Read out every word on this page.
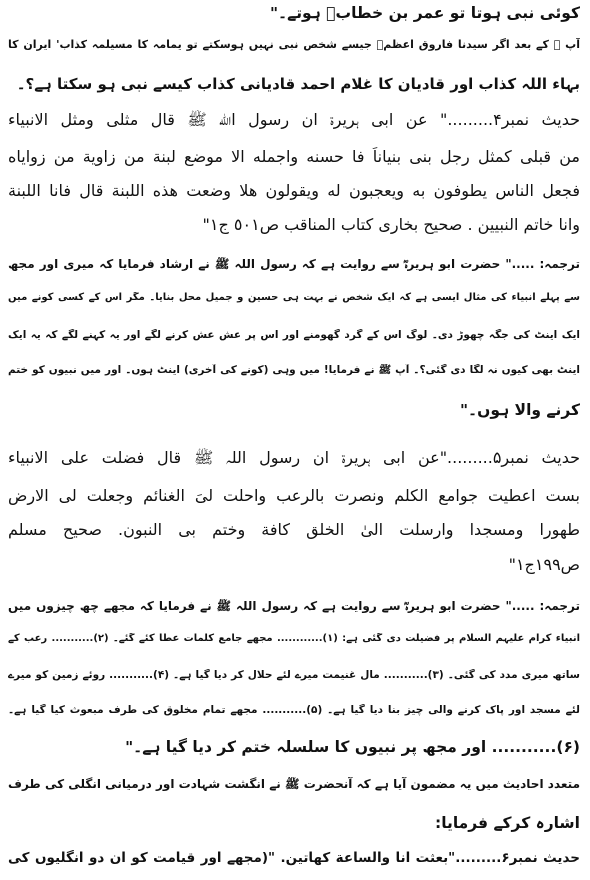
کوئی نبی ہوتا تو عمر بن خطابؓ ہوتے۔"
آپ ﷺ کے بعد اگر سیدنا فاروق اعظمؓ جیسے شخص نبی نہیں ہوسکتے تو یمامہ کا مسیلمہ کذاب' ایران کا
بہاء اللہ کذاب اور قادیان کا غلام احمد قادیانی کذاب کیسے نبی ہو سکتا ہے؟۔
حدیث نمبر۴........." عن ابی ہریرۃ ان رسول اﷲ ﷺ قال مثلی ومثل الانبیاء
من قبلی کمثل رجل بنی بنیاناً فا حسنه واجمله الا موضع لبنة من زاوية من زواياه
فجعل الناس يطوفون به ويعجبون له ويقولون هلا وضعت هذه اللبنة قال فانا اللبنة
وانا خاتم النبيين . صحيح بخاری کتاب المناقب ص٥٠١ ج١"
ترجمہ: ....." حضرت ابو ہریرہؓ سے روایت ہے کہ رسول اللہ ﷺ نے ارشاد فرمایا کہ میری اور مجھ
سے پہلے انبیاء کی مثال ایسی ہے کہ ایک شخص نے بہت ہی حسین و جمیل محل بنایا۔ مگر اس کے کسی کونے میں
ایک اینٹ کی جگہ چھوڑ دی۔ لوگ اس کے گرد گھومنے اور اس پر عش عش کرنے لگے اور یہ کہنے لگے کہ یہ ایک
اینٹ بھی کیوں نہ لگا دی گئی؟۔ آپ ﷺ نے فرمایا! میں وہی (کونے کی آخری) اینٹ ہوں۔ اور میں نبیوں کو ختم
کرنے والا ہوں۔"
حدیث نمبر۵........."عن ابی ہریرۃ ان رسول اللہ ﷺ قال فضلت علی الانبیاء
بست اعطيت جوامع الكلم ونصرت بالرعب واحلت لیَ الغنائم وجعلت لی الارض
طهورا ومسجدا وارسلت الیٰ الخلق كافة وختم بی النبون. صحيح مسلم
ص١٩٩ج١"
ترجمہ: ....." حضرت ابو ہریرہؓ سے روایت ہے کہ رسول اللہ ﷺ نے فرمایا کہ مجھے چھ چیزوں میں
انبیاء کرام علیہم السلام پر فضیلت دی گئی ہے: (۱)............ مجھے جامع کلمات عطا کئے گئے۔ (۲)........... رعب کے
ساتھ میری مدد کی گئی۔ (۳)........... مال غنیمت میرے لئے حلال کر دیا گیا ہے۔ (۴)........... روئے زمین کو میرے
لئے مسجد اور پاک کرنے والی چیز بنا دیا گیا ہے۔ (۵)........... مجھے تمام مخلوق کی طرف مبعوث کیا گیا ہے۔
(۶)........... اور مجھ پر نبیوں کا سلسلہ ختم کر دیا گیا ہے۔"
متعدد احادیث میں یہ مضمون آیا ہے کہ آنحضرت ﷺ نے انگشت شہادت اور درمیانی انگلی کی طرف
اشارہ کرکے فرمایا:
حدیث نمبر۶........."بعثت انا والساعة كهاتين. "(مجھے اور قیامت کو ان دو انگلیوں کی
